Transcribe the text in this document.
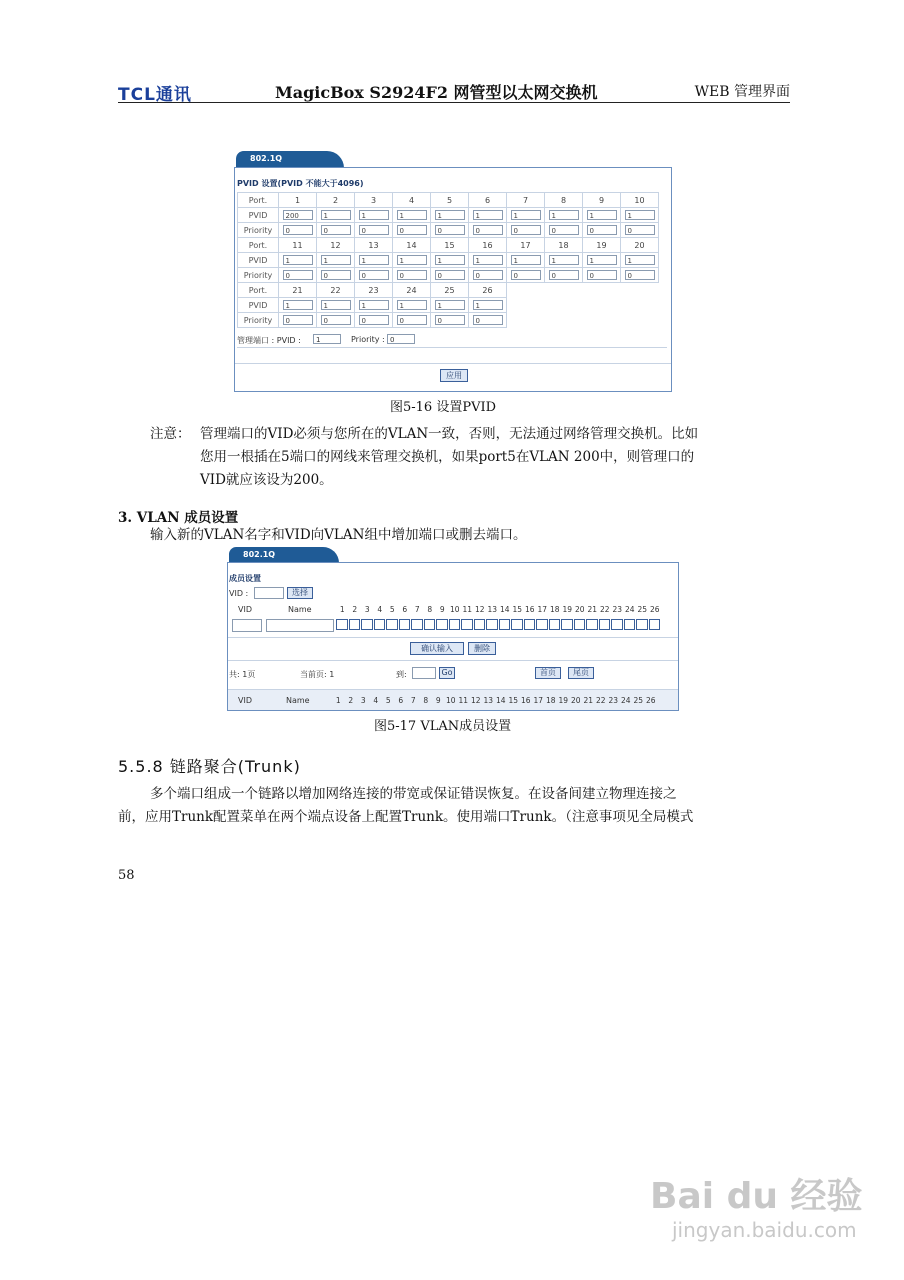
TCL通讯	MagicBox S2924F2 网管型以太网交换机	WEB 管理界面
802.1Q
PVID 设置(PVID 不能大于4096)
Port.	1	2	3	4	5	6	7	8	9	10
PVID	200	1	1	1	1	1	1	1	1	1
Priority	0	0	0	0	0	0	0	0	0	0
Port.	11	12	13	14	15	16	17	18	19	20
PVID	1	1	1	1	1	1	1	1	1	1
Priority	0	0	0	0	0	0	0	0	0	0
Port.	21	22	23	24	25	26				
PVID	1	1	1	1	1	1				
Priority	0	0	0	0	0	0				
管理端口 : PVID :	1	Priority : 0
应用
图5-16 设置PVID
注意： 管理端口的VID必须与您所在的VLAN一致，否则，无法通过网络管理交换机。比如
您用一根插在5端口的网线来管理交换机，如果port5在VLAN 200中，则管理口的
VID就应该设为200。
3. VLAN 成员设置
输入新的VLAN名字和VID向VLAN组中增加端口或删去端口。
802.1Q
成员设置
VID :	选择
VID	Name	1 2 3 4 5 6 7 8 9 10 11 12 13 14 15 16 17 18 19 20 21 22 23 24 25 26
确认输入	删除
共: 1页	当前页: 1	到:	Go	首页	尾页
VID	Name	1 2 3 4 5 6 7 8 9 10 11 12 13 14 15 16 17 18 19 20 21 22 23 24 25 26
图5-17 VLAN成员设置
5.5.8 链路聚合(Trunk)
多个端口组成一个链路以增加网络连接的带宽或保证错误恢复。在设备间建立物理连接之
前，应用Trunk配置菜单在两个端点设备上配置Trunk。使用端口Trunk。（注意事项见全局模式
58
Bai du 经验
jingyan.baidu.com
